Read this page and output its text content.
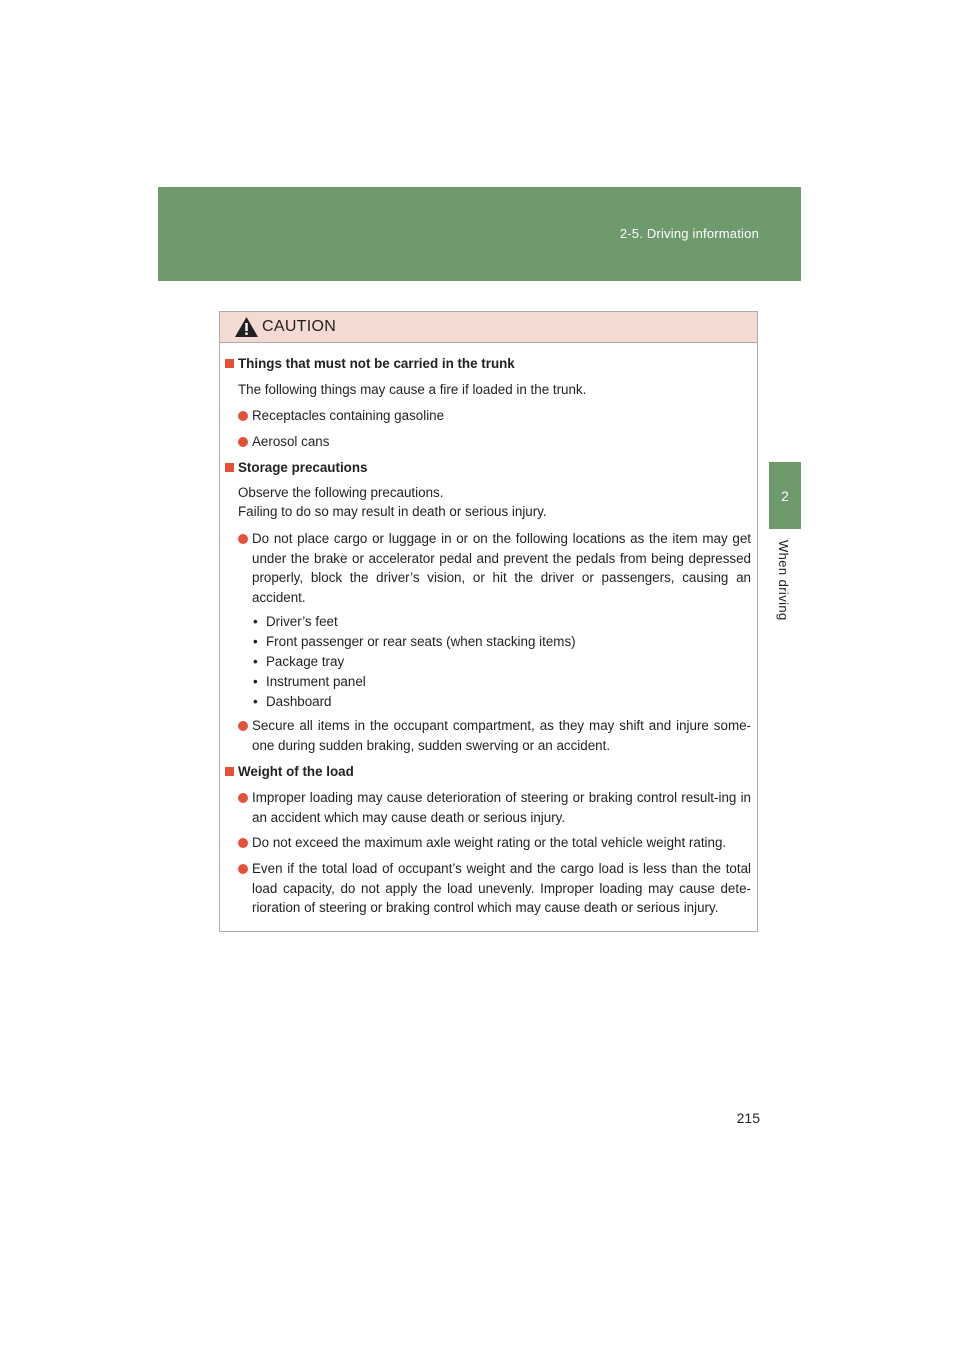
2-5. Driving information
2
When driving
CAUTION
Things that must not be carried in the trunk
The following things may cause a fire if loaded in the trunk.
Receptacles containing gasoline
Aerosol cans
Storage precautions
Observe the following precautions.
Failing to do so may result in death or serious injury.
Do not place cargo or luggage in or on the following locations as the item may get under the brake or accelerator pedal and prevent the pedals from being depressed properly, block the driver’s vision, or hit the driver or passengers, causing an accident.
• Driver’s feet
• Front passenger or rear seats (when stacking items)
• Package tray
• Instrument panel
• Dashboard
Secure all items in the occupant compartment, as they may shift and injure some-one during sudden braking, sudden swerving or an accident.
Weight of the load
Improper loading may cause deterioration of steering or braking control result-ing in an accident which may cause death or serious injury.
Do not exceed the maximum axle weight rating or the total vehicle weight rating.
Even if the total load of occupant’s weight and the cargo load is less than the total load capacity, do not apply the load unevenly. Improper loading may cause dete-rioration of steering or braking control which may cause death or serious injury.
215
